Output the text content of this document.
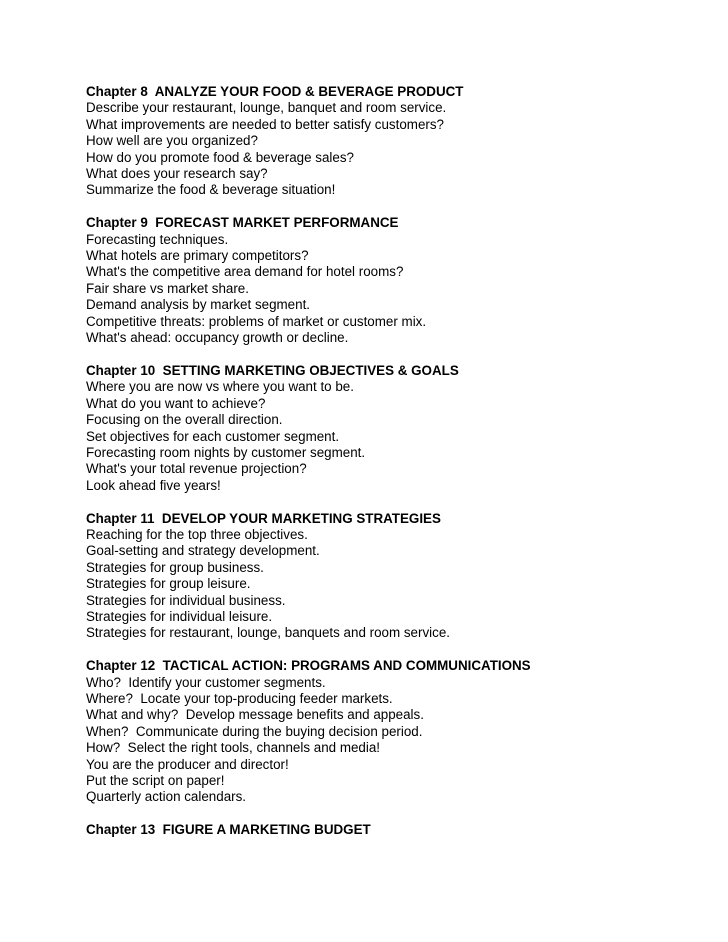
Chapter 8  ANALYZE YOUR FOOD & BEVERAGE PRODUCT
Describe your restaurant, lounge, banquet and room service.
What improvements are needed to better satisfy customers?
How well are you organized?
How do you promote food & beverage sales?
What does your research say?
Summarize the food & beverage situation!
Chapter 9  FORECAST MARKET PERFORMANCE
Forecasting techniques.
What hotels are primary competitors?
What's the competitive area demand for hotel rooms?
Fair share vs market share.
Demand analysis by market segment.
Competitive threats: problems of market or customer mix.
What's ahead: occupancy growth or decline.
Chapter 10  SETTING MARKETING OBJECTIVES & GOALS
Where you are now vs where you want to be.
What do you want to achieve?
Focusing on the overall direction.
Set objectives for each customer segment.
Forecasting room nights by customer segment.
What's your total revenue projection?
Look ahead five years!
Chapter 11  DEVELOP YOUR MARKETING STRATEGIES
Reaching for the top three objectives.
Goal-setting and strategy development.
Strategies for group business.
Strategies for group leisure.
Strategies for individual business.
Strategies for individual leisure.
Strategies for restaurant, lounge, banquets and room service.
Chapter 12  TACTICAL ACTION: PROGRAMS AND COMMUNICATIONS
Who?  Identify your customer segments.
Where?  Locate your top-producing feeder markets.
What and why?  Develop message benefits and appeals.
When?  Communicate during the buying decision period.
How?  Select the right tools, channels and media!
You are the producer and director!
Put the script on paper!
Quarterly action calendars.
Chapter 13  FIGURE A MARKETING BUDGET
